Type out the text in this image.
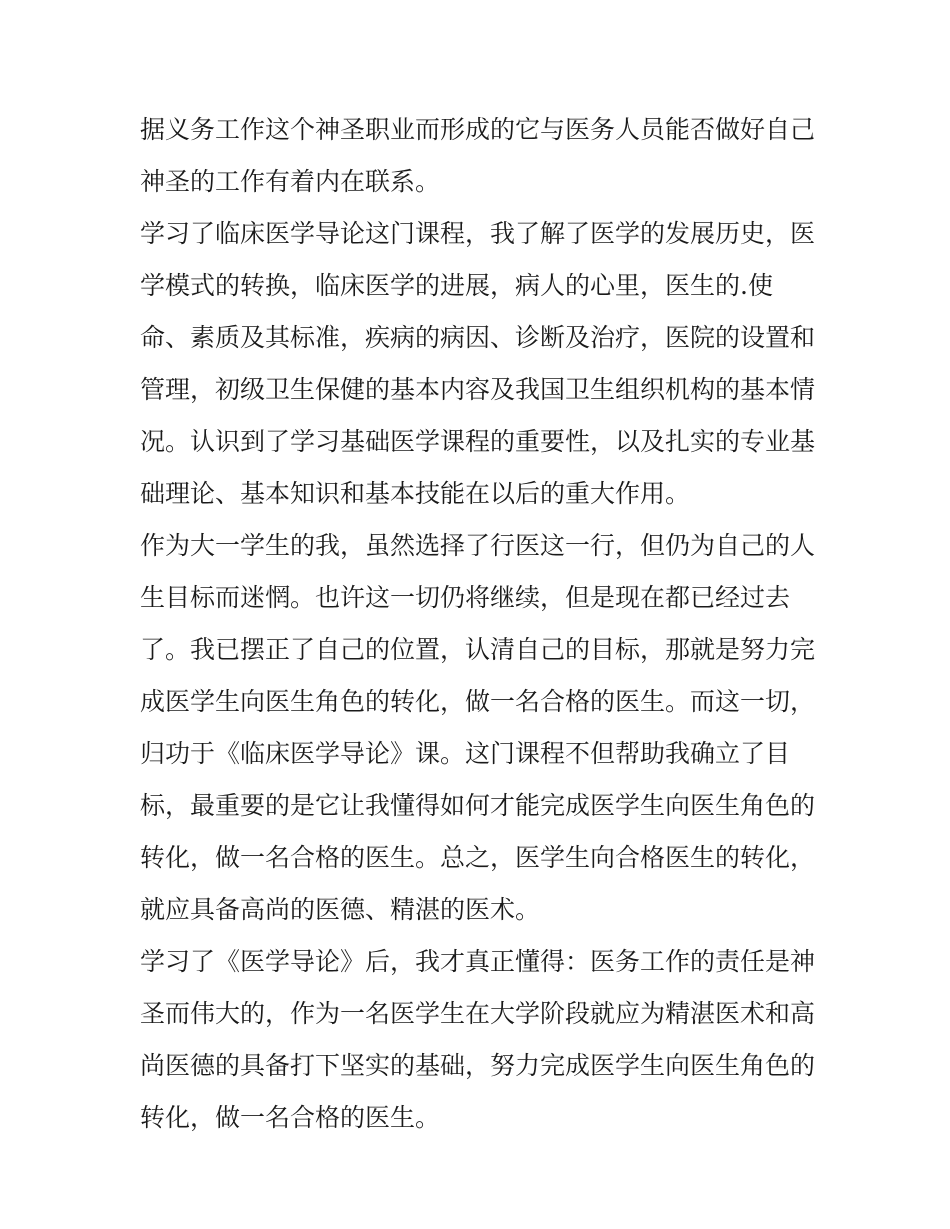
据义务工作这个神圣职业而形成的它与医务人员能否做好自己
神圣的工作有着内在联系。
学习了临床医学导论这门课程，我了解了医学的发展历史，医
学模式的转换，临床医学的进展，病人的心里，医生的.使
命、素质及其标准，疾病的病因、诊断及治疗，医院的设置和
管理，初级卫生保健的基本内容及我国卫生组织机构的基本情
况。认识到了学习基础医学课程的重要性，以及扎实的专业基
础理论、基本知识和基本技能在以后的重大作用。
作为大一学生的我，虽然选择了行医这一行，但仍为自己的人
生目标而迷惘。也许这一切仍将继续，但是现在都已经过去
了。我已摆正了自己的位置，认清自己的目标，那就是努力完
成医学生向医生角色的转化，做一名合格的医生。而这一切，
归功于《临床医学导论》课。这门课程不但帮助我确立了目
标，最重要的是它让我懂得如何才能完成医学生向医生角色的
转化，做一名合格的医生。总之，医学生向合格医生的转化，
就应具备高尚的医德、精湛的医术。
学习了《医学导论》后，我才真正懂得：医务工作的责任是神
圣而伟大的，作为一名医学生在大学阶段就应为精湛医术和高
尚医德的具备打下坚实的基础，努力完成医学生向医生角色的
转化，做一名合格的医生。
